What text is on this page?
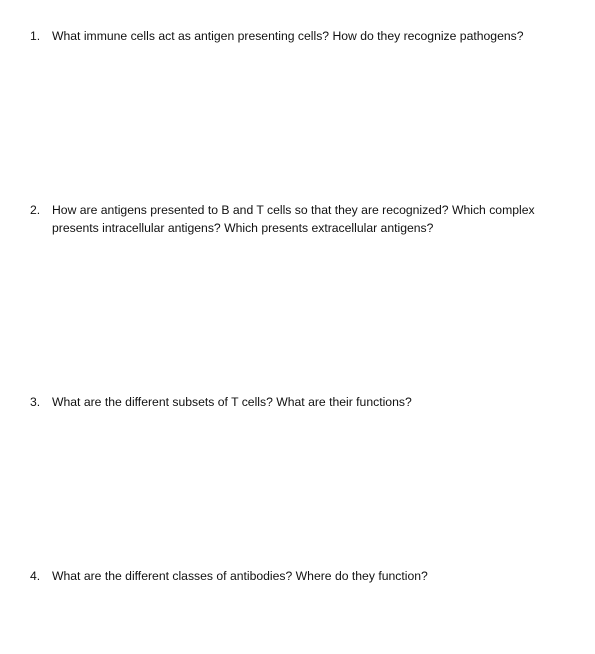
1. What immune cells act as antigen presenting cells? How do they recognize pathogens?
2. How are antigens presented to B and T cells so that they are recognized? Which complex
presents intracellular antigens? Which presents extracellular antigens?
3. What are the different subsets of T cells? What are their functions?
4. What are the different classes of antibodies? Where do they function?
